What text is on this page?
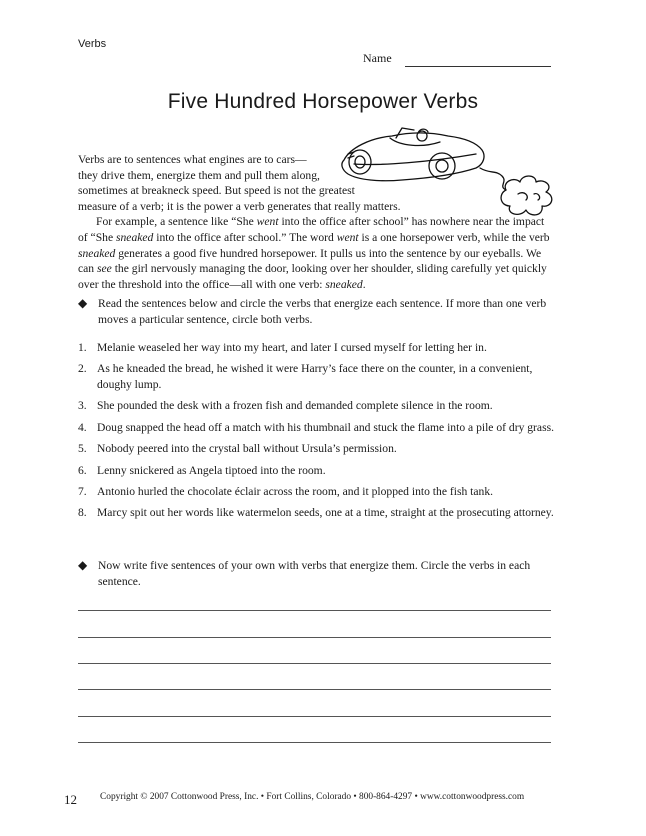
Verbs
Name
Five Hundred Horsepower Verbs
Verbs are to sentences what engines are to cars—
they drive them, energize them and pull them along,
sometimes at breakneck speed. But speed is not the greatest
measure of a verb; it is the power a verb generates that really matters.

For example, a sentence like “She went into the office after school” has nowhere near the impact of “She sneaked into the office after school.” The word went is a one horsepower verb, while the verb sneaked generates a good five hundred horsepower. It pulls us into the sentence by our eyeballs. We can see the girl nervously managing the door, looking over her shoulder, sliding carefully yet quickly over the threshold into the office—all with one verb: sneaked.

◆ Read the sentences below and circle the verbs that energize each sentence. If more than one verb moves a particular sentence, circle both verbs.
1. Melanie weaseled her way into my heart, and later I cursed myself for letting her in.
2. As he kneaded the bread, he wished it were Harry’s face there on the counter, in a convenient, doughy lump.
3. She pounded the desk with a frozen fish and demanded complete silence in the room.
4. Doug snapped the head off a match with his thumbnail and stuck the flame into a pile of dry grass.
5. Nobody peered into the crystal ball without Ursula’s permission.
6. Lenny snickered as Angela tiptoed into the room.
7. Antonio hurled the chocolate éclair across the room, and it plopped into the fish tank.
8. Marcy spit out her words like watermelon seeds, one at a time, straight at the prosecuting attorney.
◆ Now write five sentences of your own with verbs that energize them. Circle the verbs in each sentence.
12 Copyright © 2007 Cottonwood Press, Inc. • Fort Collins, Colorado • 800-864-4297 • www.cottonwoodpress.com
